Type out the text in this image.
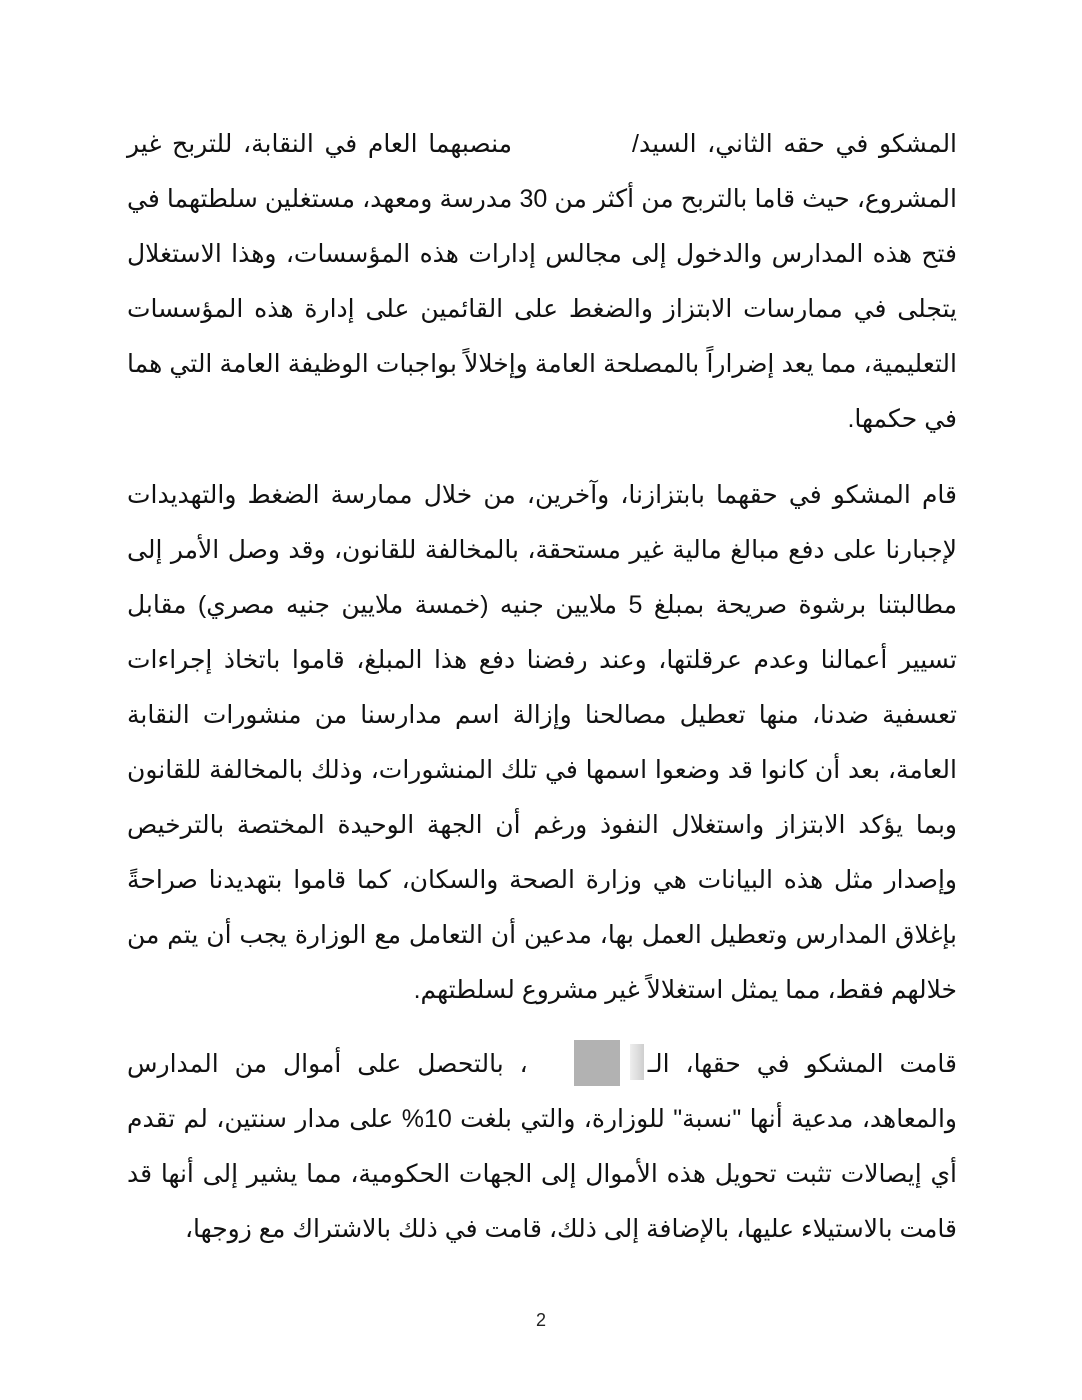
المشكو في حقه الثاني، السيد/منصبهما العام في النقابة، للتربح غير المشروع، حيث قاما بالتربح من أكثر من 30 مدرسة ومعهد، مستغلين سلطتهما في فتح هذه المدارس والدخول إلى مجالس إدارات هذه المؤسسات، وهذا الاستغلال يتجلى في ممارسات الابتزاز والضغط على القائمين على إدارة هذه المؤسسات التعليمية، مما يعد إضراراً بالمصلحة العامة وإخلالاً بواجبات الوظيفة العامة التي هما في حكمها.

قام المشكو في حقهما بابتزازنا، وآخرين، من خلال ممارسة الضغط والتهديدات لإجبارنا على دفع مبالغ مالية غير مستحقة، بالمخالفة للقانون، وقد وصل الأمر إلى مطالبتنا برشوة صريحة بمبلغ 5 ملايين جنيه (خمسة ملايين جنيه مصري) مقابل تسيير أعمالنا وعدم عرقلتها، وعند رفضنا دفع هذا المبلغ، قاموا باتخاذ إجراءات تعسفية ضدنا، منها تعطيل مصالحنا وإزالة اسم مدارسنا من منشورات النقابة العامة، بعد أن كانوا قد وضعوا اسمها في تلك المنشورات، وذلك بالمخالفة للقانون وبما يؤكد الابتزاز واستغلال النفوذ ورغم أن الجهة الوحيدة المختصة بالترخيص وإصدار مثل هذه البيانات هي وزارة الصحة والسكان، كما قاموا بتهديدنا صراحةً بإغلاق المدارس وتعطيل العمل بها، مدعين أن التعامل مع الوزارة يجب أن يتم من خلالهم فقط، مما يمثل استغلالاً غير مشروع لسلطتهم.

قامت المشكو في حقها، الـ، بالتحصل على أموال من المدارس والمعاهد، مدعية أنها "نسبة" للوزارة، والتي بلغت 10% على مدار سنتين، لم تقدم أي إيصالات تثبت تحويل هذه الأموال إلى الجهات الحكومية، مما يشير إلى أنها قد قامت بالاستيلاء عليها، بالإضافة إلى ذلك، قامت في ذلك بالاشتراك مع زوجها،

2
